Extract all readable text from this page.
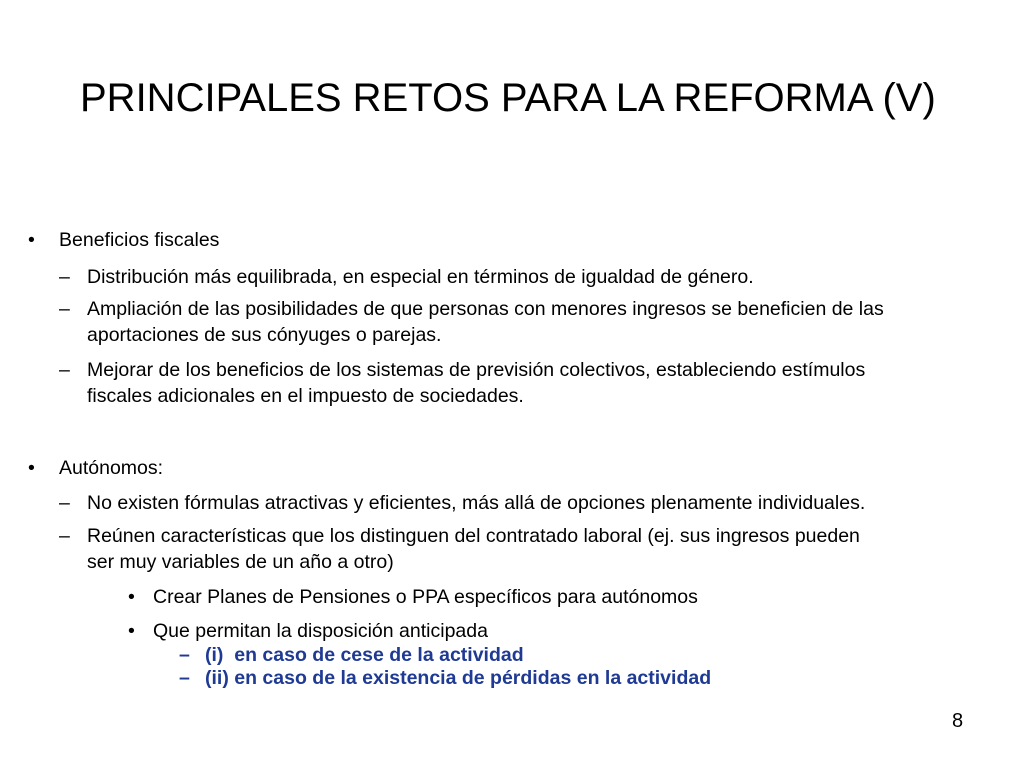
PRINCIPALES RETOS PARA LA REFORMA (V)
• Beneficios fiscales
– Distribución más equilibrada, en especial en términos de igualdad de género.
– Ampliación de las posibilidades de que personas con menores ingresos se beneficien de las
aportaciones de sus cónyuges o parejas.
– Mejorar de los beneficios de los sistemas de previsión colectivos, estableciendo estímulos
fiscales adicionales en el impuesto de sociedades.
• Autónomos:
– No existen fórmulas atractivas y eficientes, más allá de opciones plenamente individuales.
– Reúnen características que los distinguen del contratado laboral (ej. sus ingresos pueden
ser muy variables de un año a otro)
• Crear Planes de Pensiones o PPA específicos para autónomos
• Que permitan la disposición anticipada
– (i)  en caso de cese de la actividad
– (ii) en caso de la existencia de pérdidas en la actividad
8
